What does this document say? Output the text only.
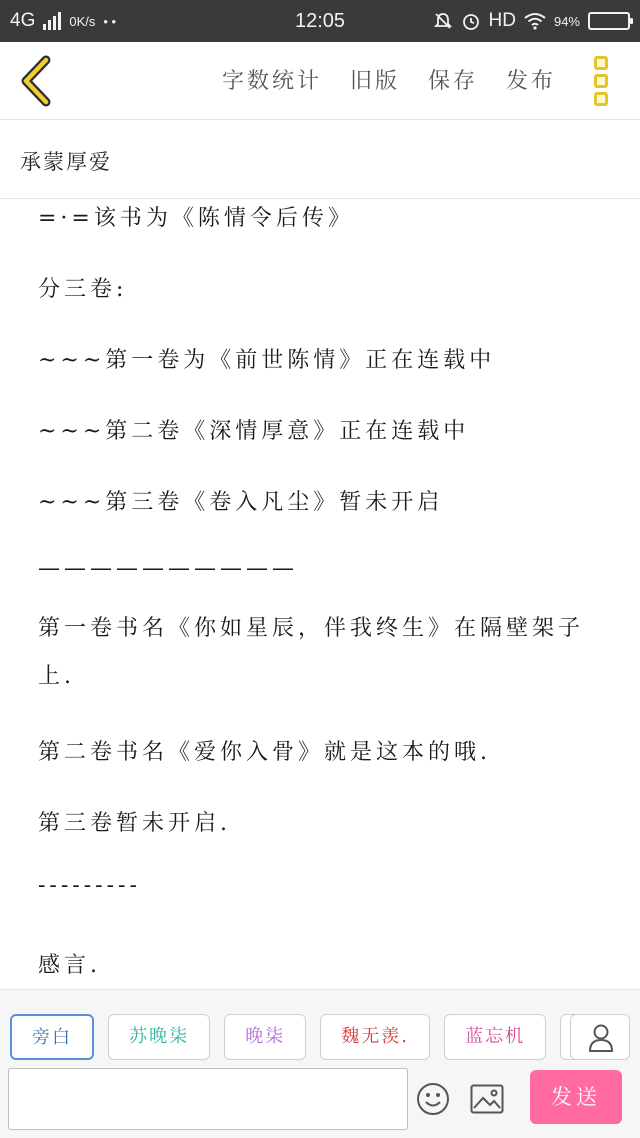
4G	0K/s • •	12:05	HD	94%
字数统计 旧版 保存 发布
承蒙厚爱
=·=该书为《陈情令后传》
分三卷:
~~~第一卷为《前世陈情》正在连载中
~~~第二卷《深情厚意》正在连载中
~~~第三卷《卷入凡尘》暂未开启
——————————
第一卷书名《你如星辰，伴我终生》在隔壁架子上.
第二卷书名《爱你入骨》就是这本的哦.
第三卷暂未开启.
---------
感言.
旁白	苏晚柒	晚柒	魏无羡.	蓝忘机
发送
